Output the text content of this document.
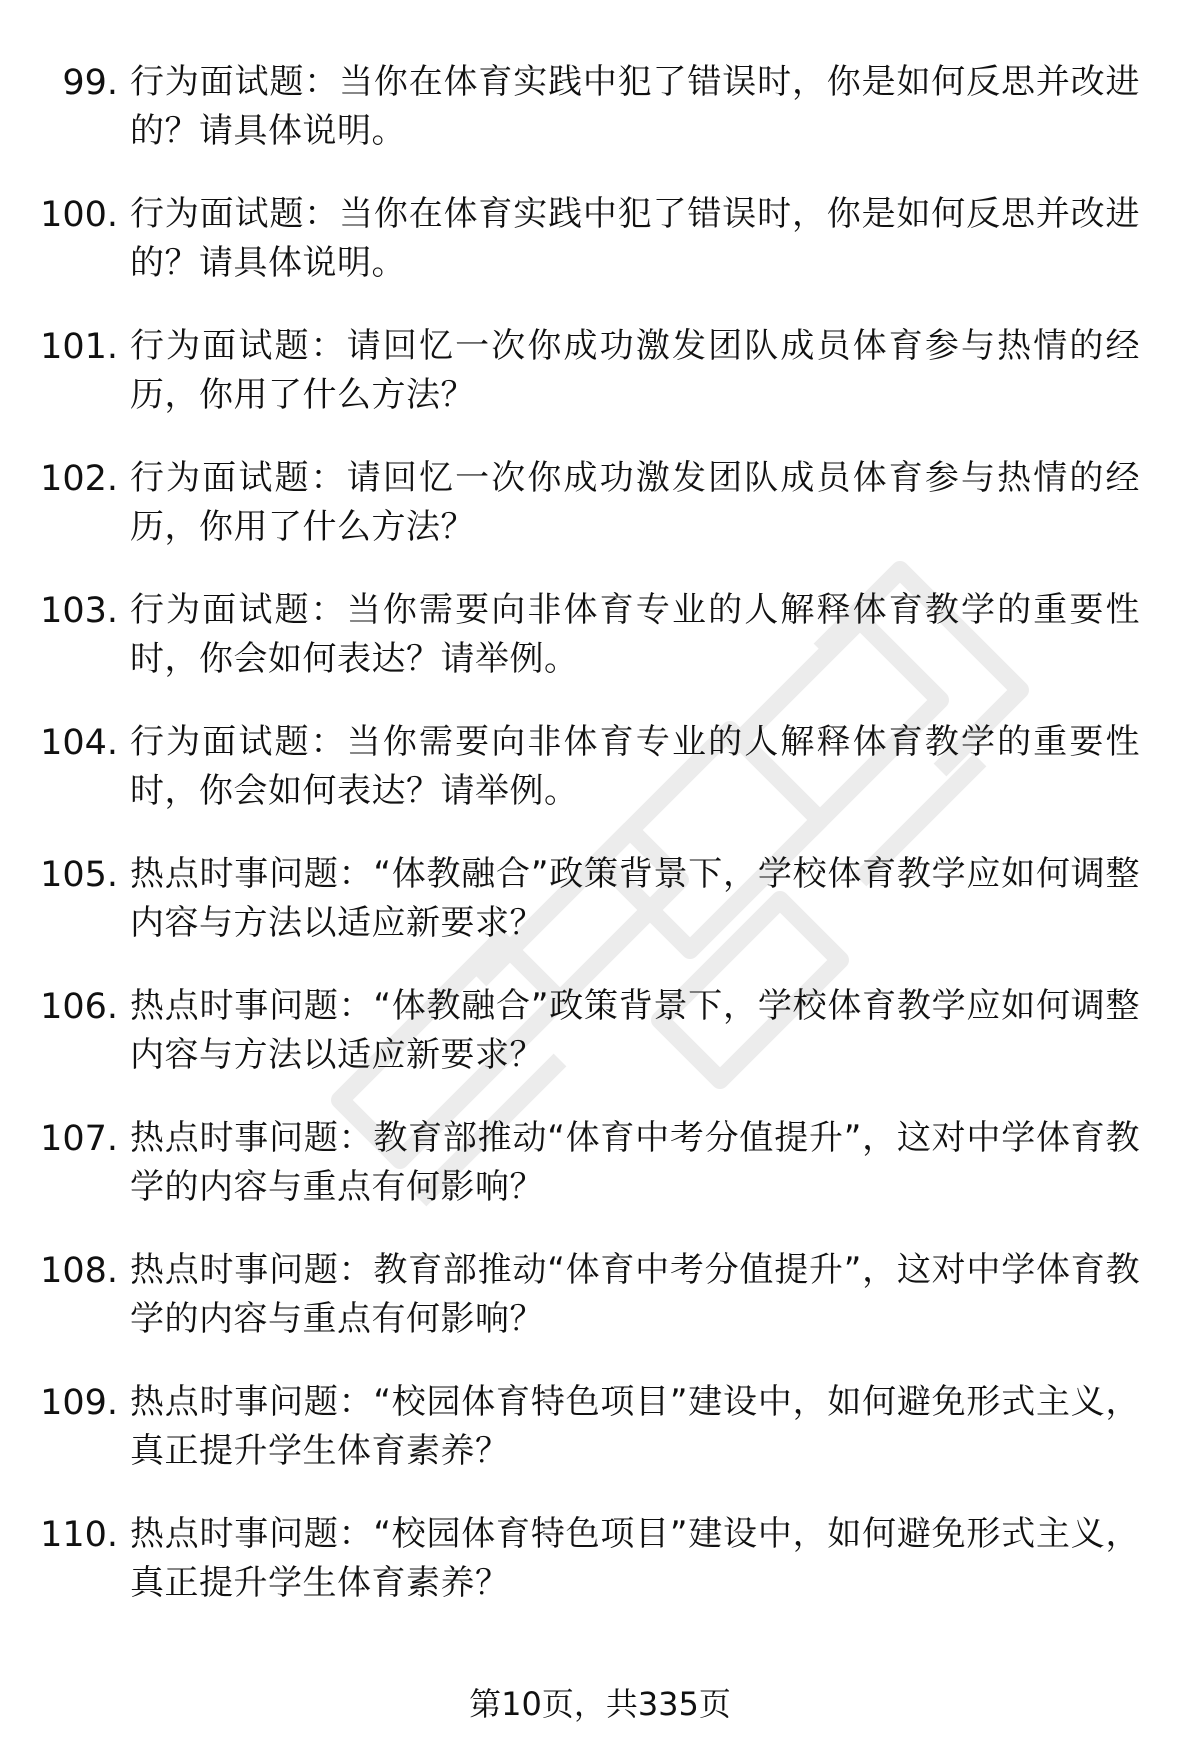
99. 行为面试题：当你在体育实践中犯了错误时，你是如何反思并改进的？请具体说明。
100. 行为面试题：当你在体育实践中犯了错误时，你是如何反思并改进的？请具体说明。
101. 行为面试题：请回忆一次你成功激发团队成员体育参与热情的经历，你用了什么方法？
102. 行为面试题：请回忆一次你成功激发团队成员体育参与热情的经历，你用了什么方法？
103. 行为面试题：当你需要向非体育专业的人解释体育教学的重要性时，你会如何表达？请举例。
104. 行为面试题：当你需要向非体育专业的人解释体育教学的重要性时，你会如何表达？请举例。
105. 热点时事问题：“体教融合”政策背景下，学校体育教学应如何调整内容与方法以适应新要求？
106. 热点时事问题：“体教融合”政策背景下，学校体育教学应如何调整内容与方法以适应新要求？
107. 热点时事问题：教育部推动“体育中考分值提升”，这对中学体育教学的内容与重点有何影响？
108. 热点时事问题：教育部推动“体育中考分值提升”，这对中学体育教学的内容与重点有何影响？
109. 热点时事问题：“校园体育特色项目”建设中，如何避免形式主义，真正提升学生体育素养？
110. 热点时事问题：“校园体育特色项目”建设中，如何避免形式主义，真正提升学生体育素养？
第10页，共335页
